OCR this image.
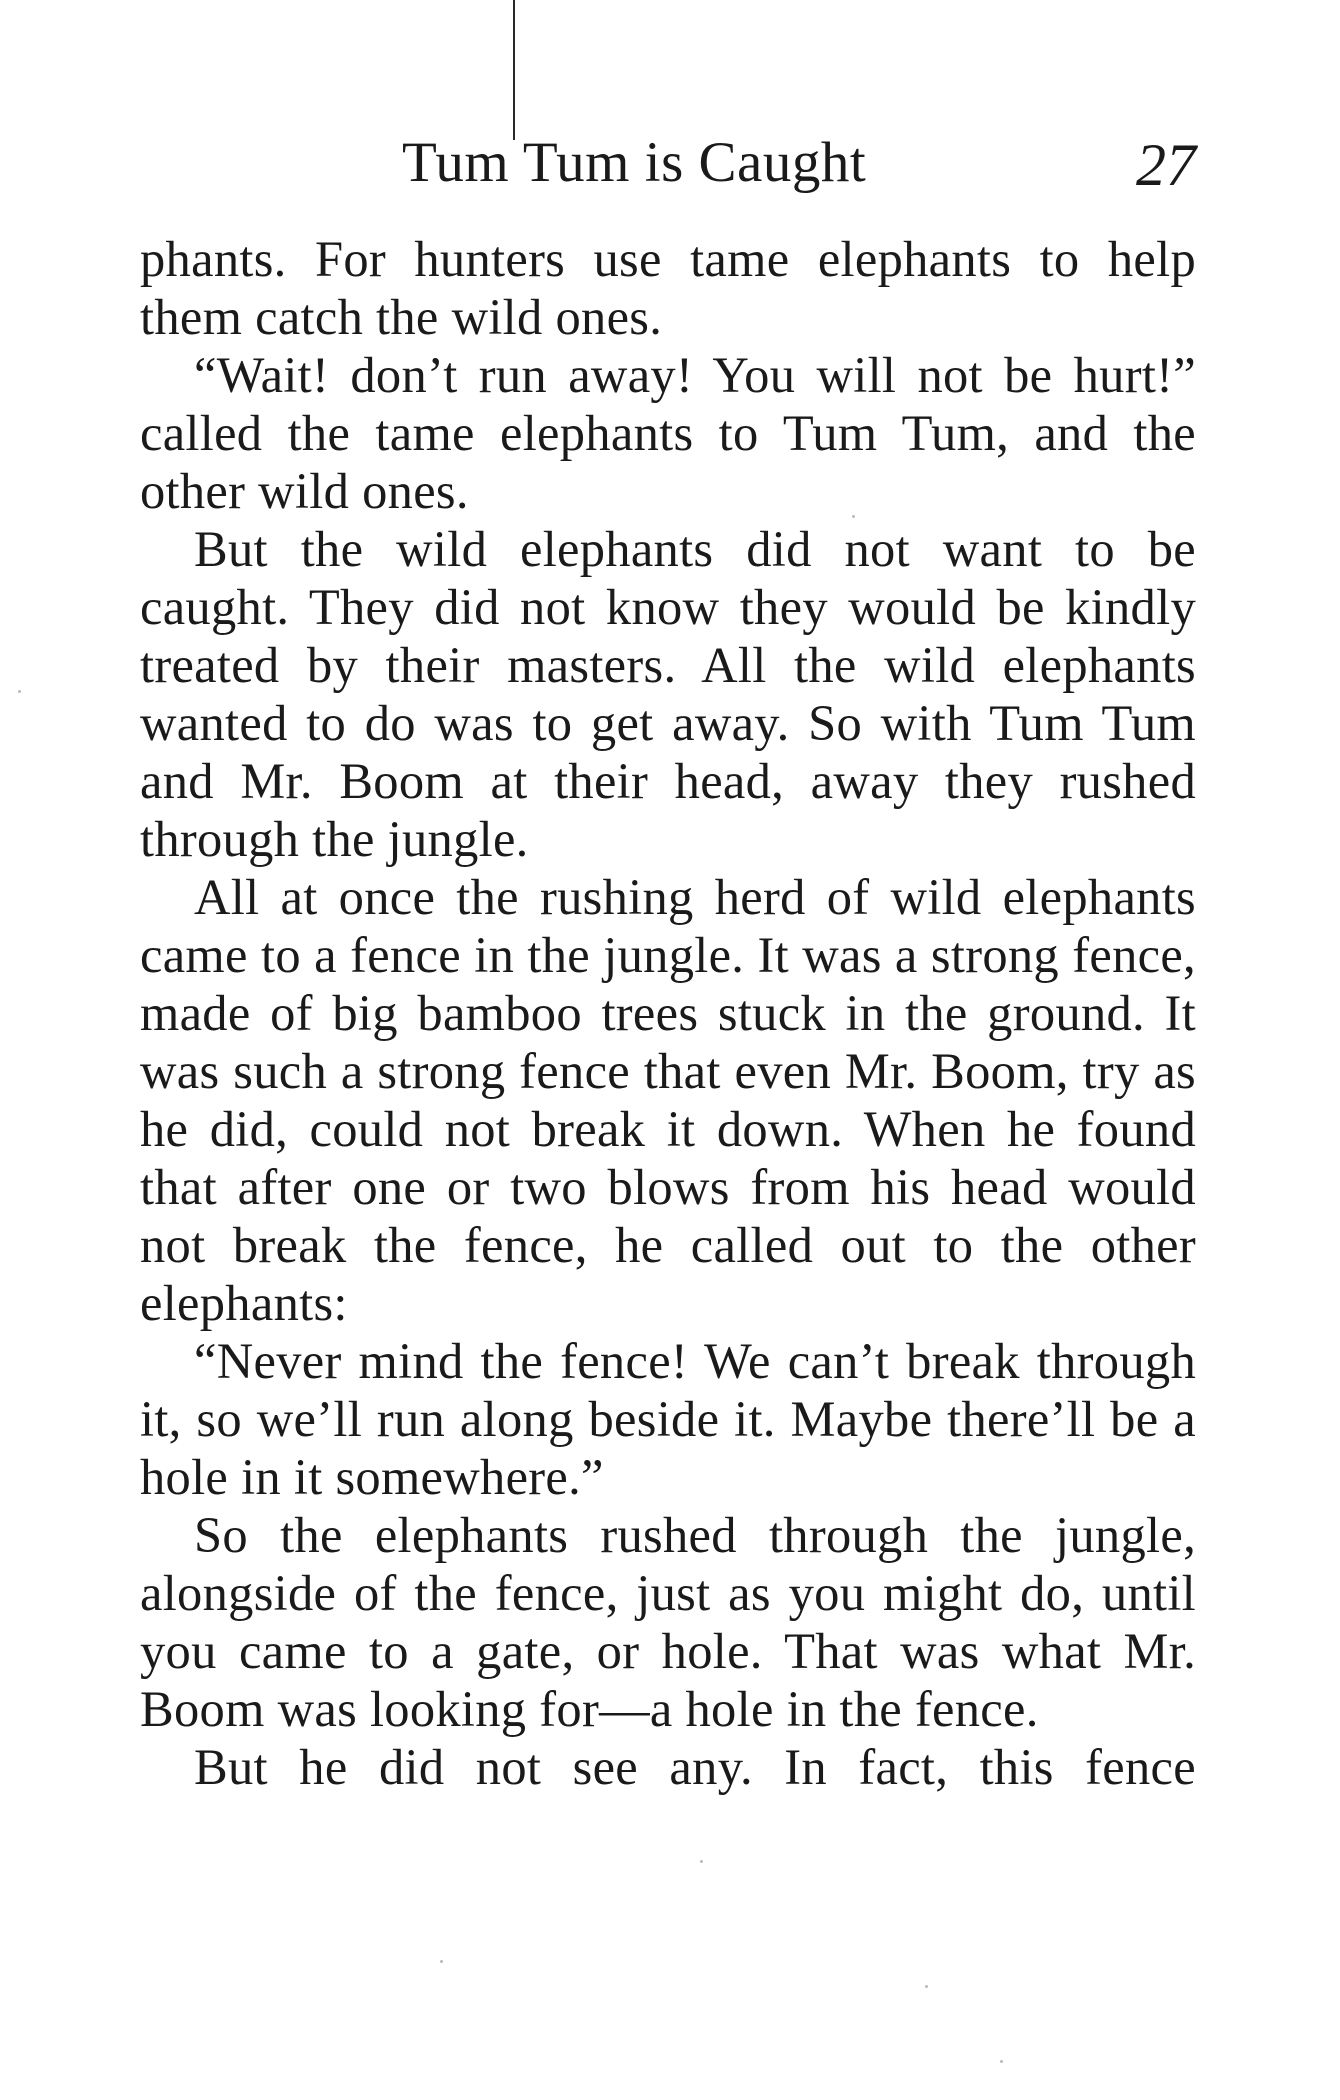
Tum Tum is Caught	27

phants. For hunters use tame elephants to help them catch the wild ones.

“Wait! don’t run away! You will not be hurt!” called the tame elephants to Tum Tum, and the other wild ones.

But the wild elephants did not want to be caught. They did not know they would be kindly treated by their masters. All the wild elephants wanted to do was to get away. So with Tum Tum and Mr. Boom at their head, away they rushed through the jungle.

All at once the rushing herd of wild elephants came to a fence in the jungle. It was a strong fence, made of big bamboo trees stuck in the ground. It was such a strong fence that even Mr. Boom, try as he did, could not break it down. When he found that after one or two blows from his head would not break the fence, he called out to the other elephants:

“Never mind the fence! We can’t break through it, so we’ll run along beside it. Maybe there’ll be a hole in it somewhere.”

So the elephants rushed through the jungle, alongside of the fence, just as you might do, until you came to a gate, or hole. That was what Mr. Boom was looking for—a hole in the fence.

But he did not see any. In fact, this fence
